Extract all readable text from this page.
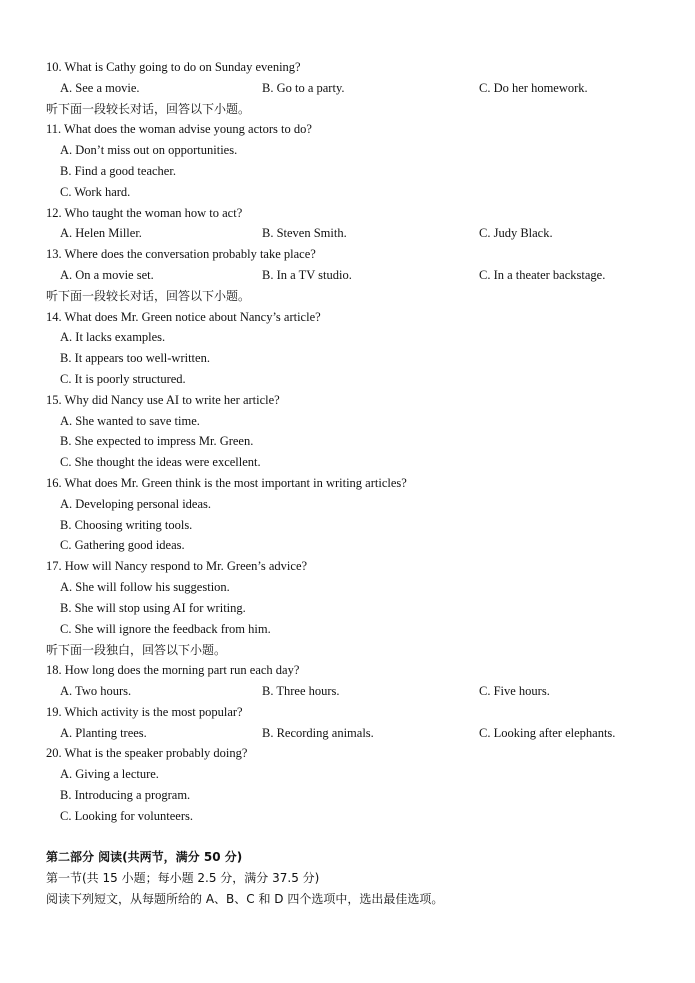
10. What is Cathy going to do on Sunday evening?
A. See a movie.	B. Go to a party.	C. Do her homework.
听下面一段较长对话，回答以下小题。
11. What does the woman advise young actors to do?
A. Don’t miss out on opportunities.
B. Find a good teacher.
C. Work hard.
12. Who taught the woman how to act?
A. Helen Miller.	B. Steven Smith.	C. Judy Black.
13. Where does the conversation probably take place?
A. On a movie set.	B. In a TV studio.	C. In a theater backstage.
听下面一段较长对话，回答以下小题。
14. What does Mr. Green notice about Nancy’s article?
A. It lacks examples.
B. It appears too well-written.
C. It is poorly structured.
15. Why did Nancy use AI to write her article?
A. She wanted to save time.
B. She expected to impress Mr. Green.
C. She thought the ideas were excellent.
16. What does Mr. Green think is the most important in writing articles?
A. Developing personal ideas.
B. Choosing writing tools.
C. Gathering good ideas.
17. How will Nancy respond to Mr. Green’s advice?
A. She will follow his suggestion.
B. She will stop using AI for writing.
C. She will ignore the feedback from him.
听下面一段独白，回答以下小题。
18. How long does the morning part run each day?
A. Two hours.	B. Three hours.	C. Five hours.
19. Which activity is the most popular?
A. Planting trees.	B. Recording animals.	C. Looking after elephants.
20. What is the speaker probably doing?
A. Giving a lecture.
B. Introducing a program.
C. Looking for volunteers.
第二部分 阅读(共两节，满分 50 分)
第一节(共 15 小题；每小题 2.5 分，满分 37.5 分)
阅读下列短文，从每题所给的 A、B、C 和 D 四个选项中，选出最佳选项。
